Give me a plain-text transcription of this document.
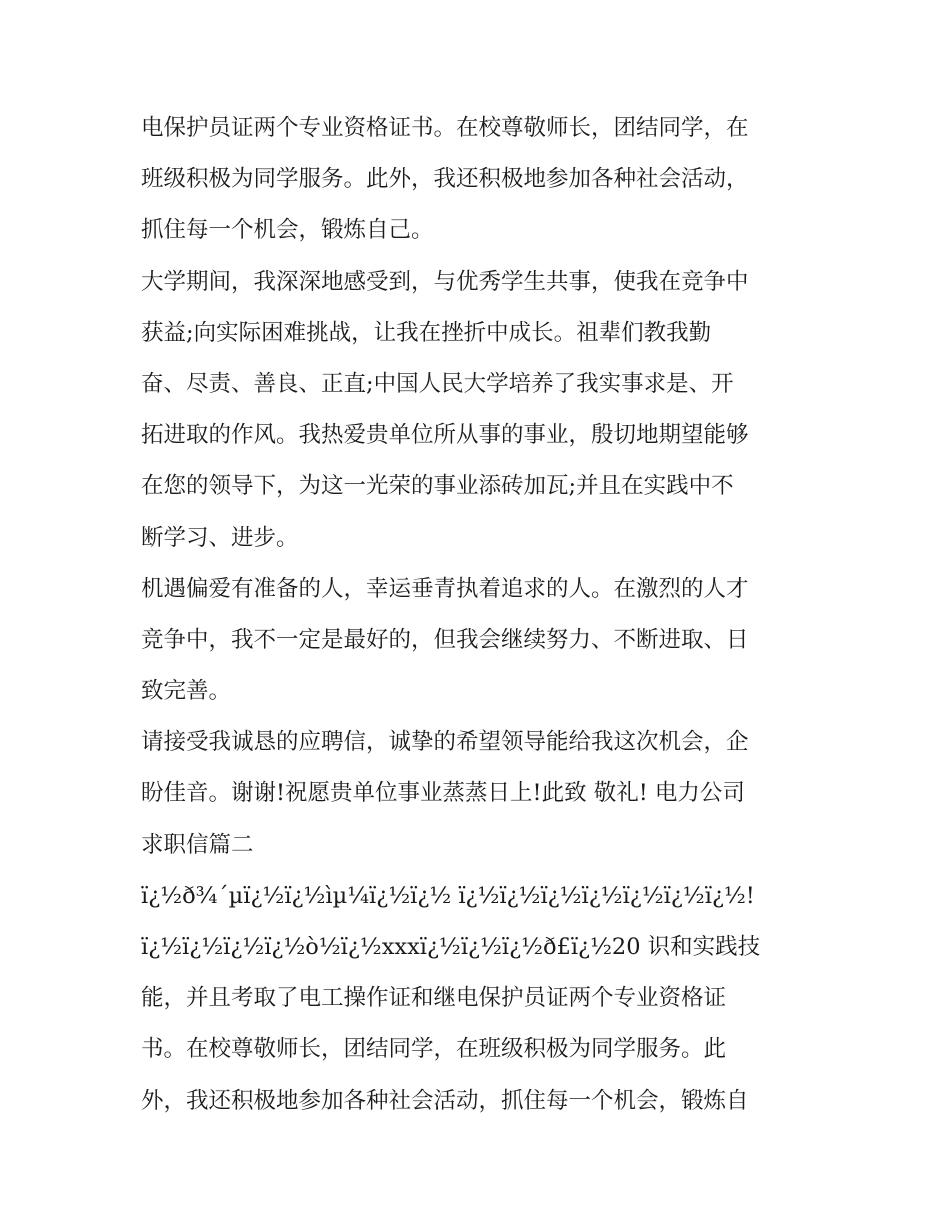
电保护员证两个专业资格证书。在校尊敬师长，团结同学，在
班级积极为同学服务。此外，我还积极地参加各种社会活动，
抓住每一个机会，锻炼自己。
大学期间，我深深地感受到，与优秀学生共事，使我在竞争中
获益;向实际困难挑战，让我在挫折中成长。祖辈们教我勤
奋、尽责、善良、正直;中国人民大学培养了我实事求是、开
拓进取的作风。我热爱贵单位所从事的事业，殷切地期望能够
在您的领导下，为这一光荣的事业添砖加瓦;并且在实践中不
断学习、进步。
机遇偏爱有准备的人，幸运垂青执着追求的人。在激烈的人才
竞争中，我不一定是最好的，但我会继续努力、不断进取、日
致完善。
请接受我诚恳的应聘信，诚挚的希望领导能给我这次机会，企
盼佳音。谢谢!祝愿贵单位事业蒸蒸日上!此致 敬礼! 电力公司
求职信篇二
ï¿½ð¾´µï¿½ï¿½ìµ¼ï¿½ï¿½ ï¿½ï¿½ï¿½ï¿½ï¿½ï¿½ï¿½!
ï¿½ï¿½ï¿½ï¿½ò½ï¿½xxxï¿½ï¿½ï¿½ð£ï¿½20 识和实践技
能，并且考取了电工操作证和继电保护员证两个专业资格证
书。在校尊敬师长，团结同学，在班级积极为同学服务。此
外，我还积极地参加各种社会活动，抓住每一个机会，锻炼自
